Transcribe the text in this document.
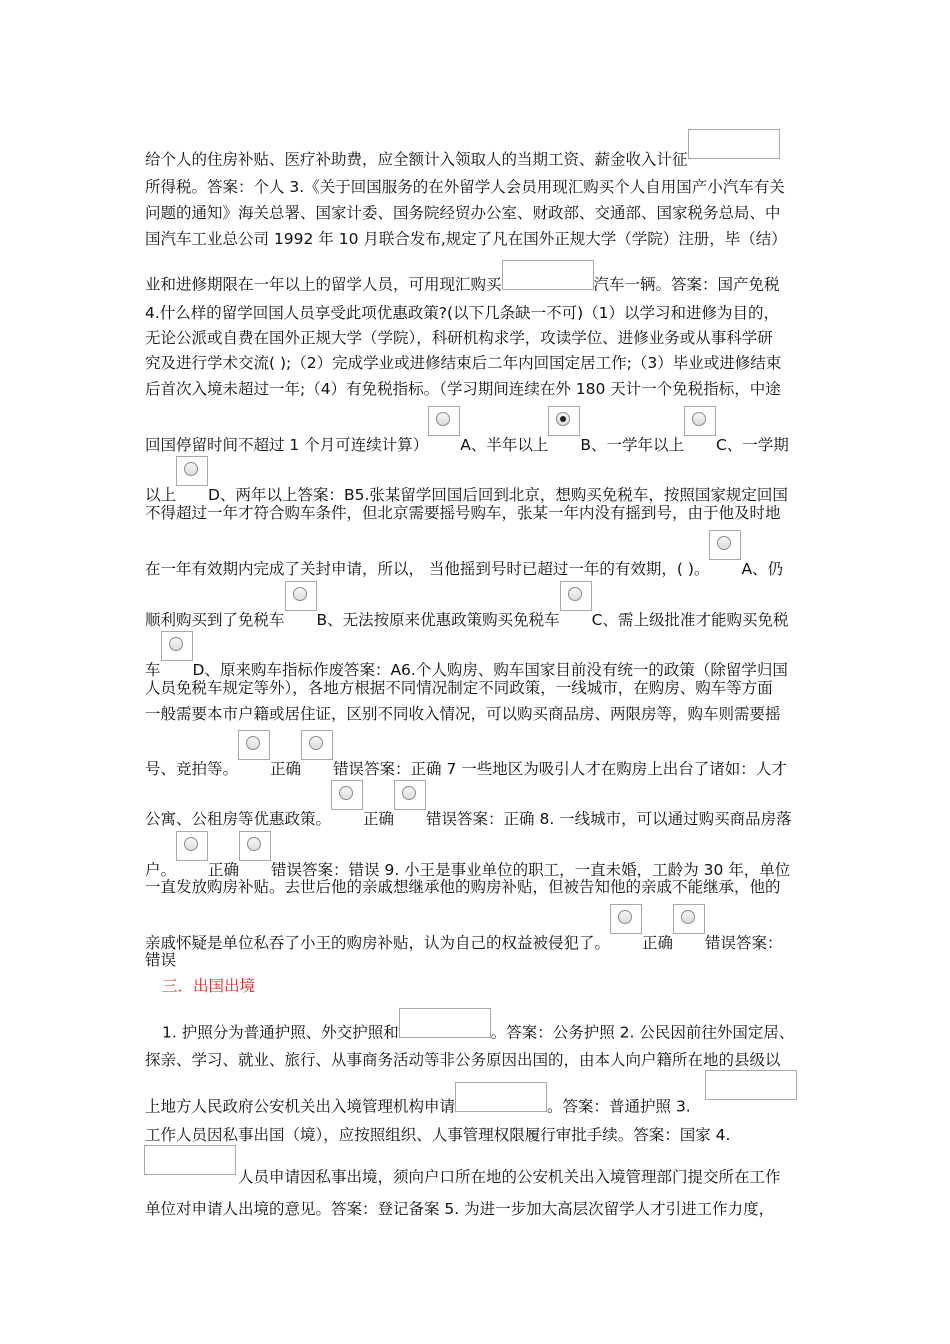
给个人的住房补贴、医疗补助费，应全额计入领取人的当期工资、薪金收入计征
所得税。答案：个人 3.《关于回国服务的在外留学人会员用现汇购买个人自用国产小汽车有关
问题的通知》海关总署、国家计委、国务院经贸办公室、财政部、交通部、国家税务总局、中
国汽车工业总公司 1992 年 10 月联合发布,规定了凡在国外正规大学（学院）注册，毕（结）
业和进修期限在一年以上的留学人员，可用现汇购买	汽车一辆。答案：国产免税
4.什么样的留学回国人员享受此项优惠政策?(以下几条缺一不可)（1）以学习和进修为目的，
无论公派或自费在国外正规大学（学院），科研机构求学，攻读学位、进修业务或从事科学研
究及进行学术交流( );（2）完成学业或进修结束后二年内回国定居工作;（3）毕业或进修结束
后首次入境未超过一年;（4）有免税指标。（学习期间连续在外 180 天计一个免税指标，中途
回国停留时间不超过 1 个月可连续计算） A、半年以上 B、一学年以上 C、一学期
以上 D、两年以上答案：B5.张某留学回国后回到北京，想购买免税车，按照国家规定回国
不得超过一年才符合购车条件，但北京需要摇号购车，张某一年内没有摇到号，由于他及时地
在一年有效期内完成了关封申请，所以， 当他摇到号时已超过一年的有效期，( )。 A、仍
顺利购买到了免税车 B、无法按原来优惠政策购买免税车 C、需上级批准才能购买免税
车 D、原来购车指标作废答案：A6.个人购房、购车国家目前没有统一的政策（除留学归国
人员免税车规定等外），各地方根据不同情况制定不同政策，一线城市，在购房、购车等方面
一般需要本市户籍或居住证，区别不同收入情况，可以购买商品房、两限房等，购车则需要摇
号、竞拍等。 正确 错误答案：正确 7 一些地区为吸引人才在购房上出台了诸如：人才
公寓、公租房等优惠政策。 正确 错误答案：正确 8. 一线城市，可以通过购买商品房落
户。 正确 错误答案：错误 9. 小王是事业单位的职工，一直未婚，工龄为 30 年，单位
一直发放购房补贴。去世后他的亲戚想继承他的购房补贴，但被告知他的亲戚不能继承，他的
亲戚怀疑是单位私吞了小王的购房补贴，认为自己的权益被侵犯了。 正确 错误答案：
错误
三．出国出境
1. 护照分为普通护照、外交护照和	。答案：公务护照 2. 公民因前往外国定居、
探亲、学习、就业、旅行、从事商务活动等非公务原因出国的，由本人向户籍所在地的县级以
上地方人民政府公安机关出入境管理机构申请	。答案：普通护照 3.
工作人员因私事出国（境），应按照组织、人事管理权限履行审批手续。答案：国家 4.
人员申请因私事出境，须向户口所在地的公安机关出入境管理部门提交所在工作
单位对申请人出境的意见。答案：登记备案 5. 为进一步加大高层次留学人才引进工作力度，
